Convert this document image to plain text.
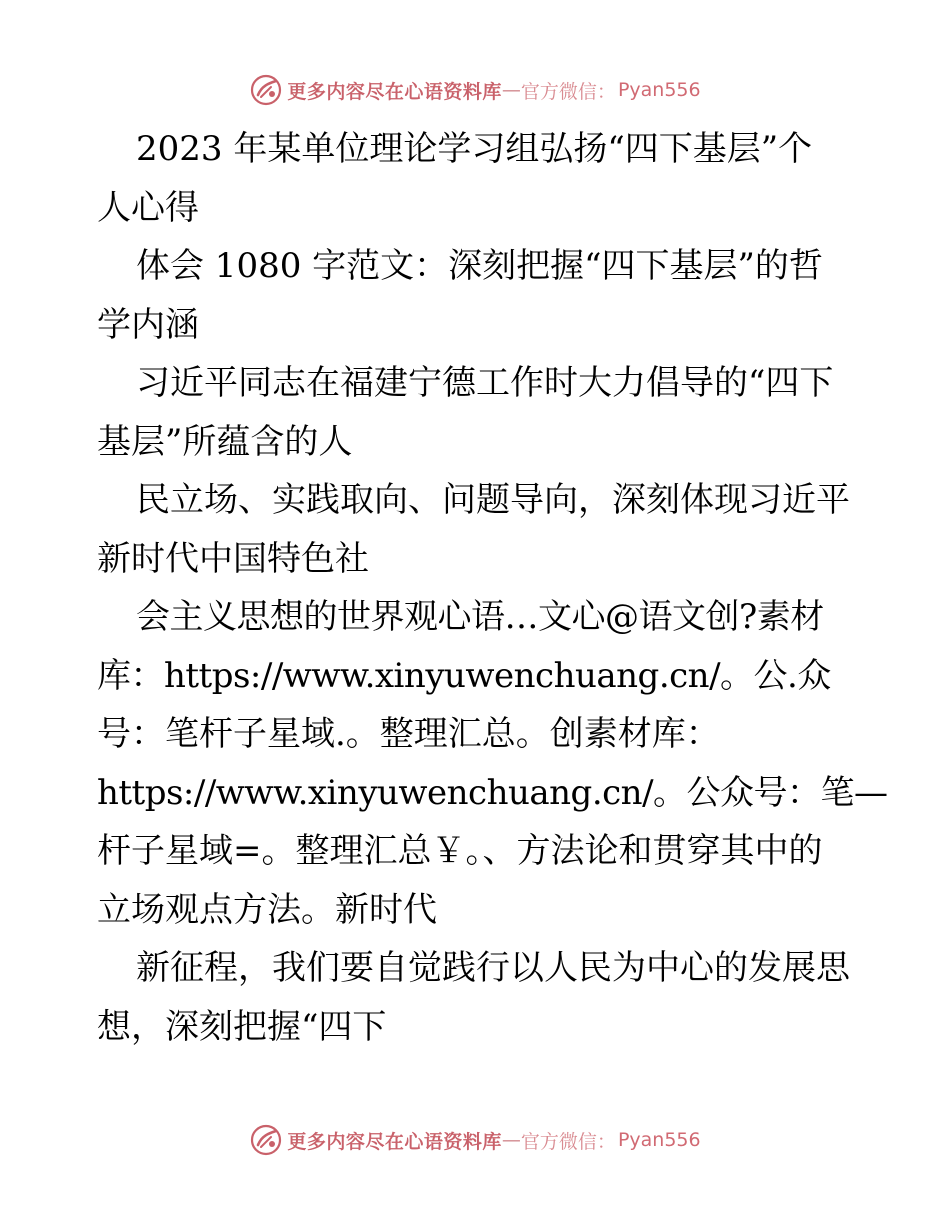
更多内容尽在心语资料库 — 官方微信： Pyan556
2023 年某单位理论学习组弘扬“四下基层”个
人心得
体会 1080 字范文：深刻把握“四下基层”的哲
学内涵
习近平同志在福建宁德工作时大力倡导的“四下
基层”所蕴含的人
民立场、实践取向、问题导向，深刻体现习近平
新时代中国特色社
会主义思想的世界观心语…文心@语文创?素材
库：https://www.xinyuwenchuang.cn/。公.众
号：笔杆子星域.。整理汇总。创素材库：
https://www.xinyuwenchuang.cn/。公众号：笔—
杆子星域=。整理汇总￥。、方法论和贯穿其中的
立场观点方法。新时代
新征程，我们要自觉践行以人民为中心的发展思
想，深刻把握“四下
更多内容尽在心语资料库 — 官方微信： Pyan556
